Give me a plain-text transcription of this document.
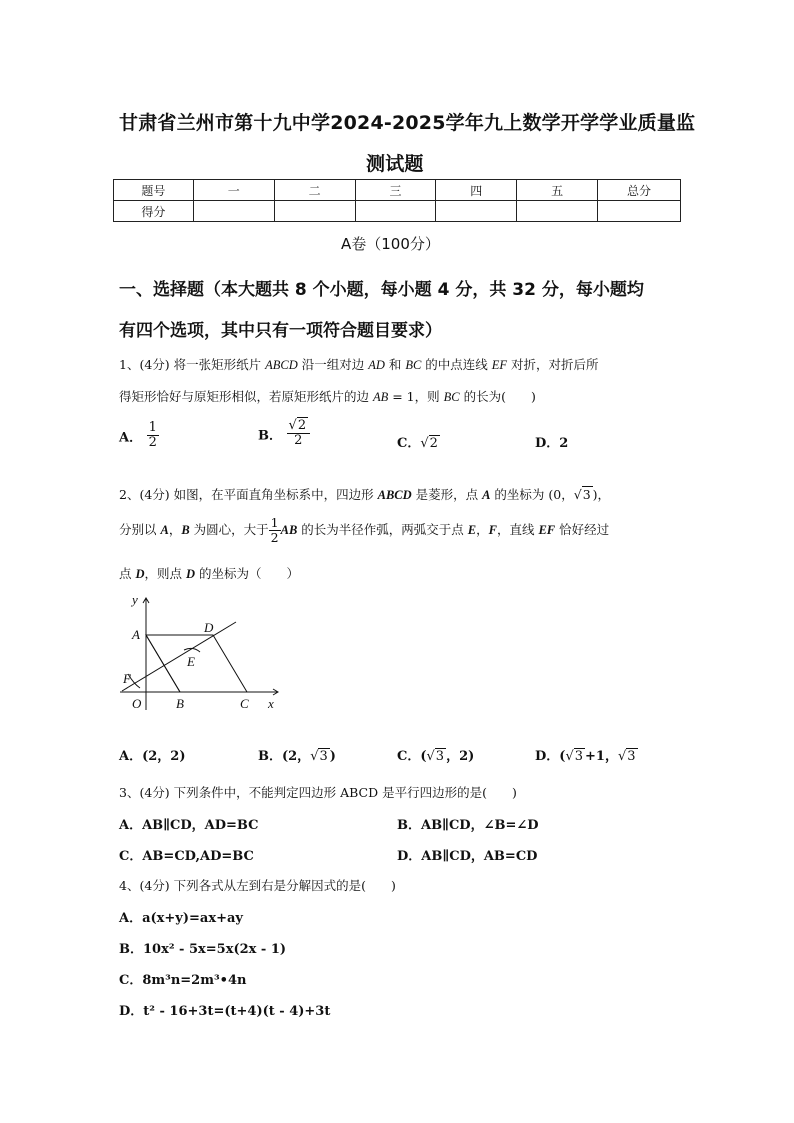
甘肃省兰州市第十九中学2024-2025学年九上数学开学学业质量监
测试题
题号	一	二	三	四	五	总分
得分						
A卷（100分）
一、选择题（本大题共 8 个小题，每小题 4 分，共 32 分，每小题均
有四个选项，其中只有一项符合题目要求）
1、(4分) 将一张矩形纸片 ABCD 沿一组对边 AD 和 BC 的中点连线 EF 对折，对折后所
得矩形恰好与原矩形相似，若原矩形纸片的边 AB = 1，则 BC 的长为(　　)
A． $\frac{1}{2}$	B． $\frac{√2}{2}$	C．√2	D．2
2、(4分) 如图，在平面直角坐标系中，四边形 ABCD 是菱形，点 A 的坐标为 (0，√3 )，
分别以 A，B 为圆心，大于 $\frac{1}{2}$ AB 的长为半径作弧，两弧交于点 E，F，直线 EF 恰好经过
点 D，则点 D 的坐标为（　　）
y
A	D
E
F
O	B	C x
A．(2，2)	B．(2，√3 )	C．(√3 ，2)	D．(√3 +1，√3
3、(4分) 下列条件中，不能判定四边形 ABCD 是平行四边形的是(　　)
A．AB∥CD，AD=BC	B．AB∥CD，∠B=∠D
C．AB=CD,AD=BC	D．AB∥CD，AB=CD
4、(4分) 下列各式从左到右是分解因式的是(　　)
A．a(x+y)=ax+ay
B．10x² - 5x=5x(2x - 1)
C．8m³n=2m³•4n
D．t² - 16+3t=(t+4)(t - 4)+3t
